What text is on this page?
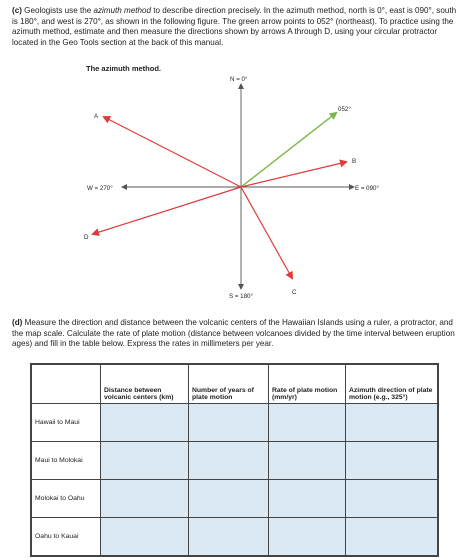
(c) Geologists use the azimuth method to describe direction precisely. In the azimuth method, north is 0°, east is 090°, south is 180°, and west is 270°, as shown in the following figure. The green arrow points to 052° (northeast). To practice using the azimuth method, estimate and then measure the directions shown by arrows A through D, using your circular protractor located in the Geo Tools section at the back of this manual.
The azimuth method.
N = 0°
S = 180°
E = 090°
W = 270°
052°
A
B
C
D
(d) Measure the direction and distance between the volcanic centers of the Hawaiian Islands using a ruler, a protractor, and the map scale. Calculate the rate of plate motion (distance between volcanoes divided by the time interval between eruption ages) and fill in the table below. Express the rates in millimeters per year.
	Distance between volcanic centers (km)	Number of years of plate motion	Rate of plate motion (mm/yr)	Azimuth direction of plate motion (e.g., 325°)
Hawaii to Maui				
Maui to Molokai				
Molokai to Oahu				
Oahu to Kauai				
